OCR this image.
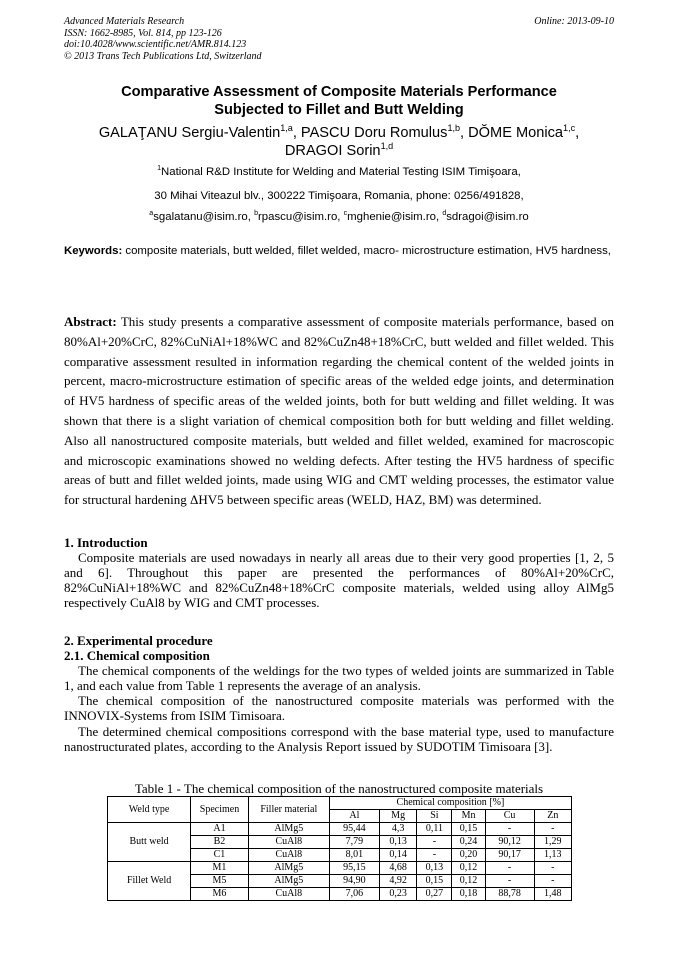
Advanced Materials Research
ISSN: 1662-8985, Vol. 814, pp 123-126
doi:10.4028/www.scientific.net/AMR.814.123
© 2013 Trans Tech Publications Ltd, Switzerland
Online: 2013-09-10
Comparative Assessment of Composite Materials Performance
Subjected to Fillet and Butt Welding
GALAŢANU Sergiu-Valentin$^{1,a}$, PASCU Doru Romulus$^{1,b}$, DŎME Monica$^{1,c}$,
DRAGOI Sorin$^{1,d}$
$^1$National R&D Institute for Welding and Material Testing ISIM Timişoara,
30 Mihai Viteazul blv., 300222 Timişoara, Romania, phone: 0256/491828,
$^a$sgalatanu@isim.ro, $^b$rpascu@isim.ro, $^c$mghenie@isim.ro, $^d$sdragoi@isim.ro
Keywords: composite materials, butt welded, fillet welded, macro- microstructure estimation, HV5 hardness,
Abstract: This study presents a comparative assessment of composite materials performance, based on 80%Al+20%CrC, 82%CuNiAl+18%WC and 82%CuZn48+18%CrC, butt welded and fillet welded. This comparative assessment resulted in information regarding the chemical content of the welded joints in percent, macro-microstructure estimation of specific areas of the welded edge joints, and determination of HV5 hardness of specific areas of the welded joints, both for butt welding and fillet welding. It was shown that there is a slight variation of chemical composition both for butt welding and fillet welding. Also all nanostructured composite materials, butt welded and fillet welded, examined for macroscopic and microscopic examinations showed no welding defects. After testing the HV5 hardness of specific areas of butt and fillet welded joints, made using WIG and CMT welding processes, the estimator value for structural hardening ΔHV5 between specific areas (WELD, HAZ, BM) was determined.
1. Introduction
Composite materials are used nowadays in nearly all areas due to their very good properties [1, 2, 5 and 6]. Throughout this paper are presented the performances of 80%Al+20%CrC, 82%CuNiAl+18%WC and 82%CuZn48+18%CrC composite materials, welded using alloy AlMg5 respectively CuAl8 by WIG and CMT processes.
2. Experimental procedure
2.1. Chemical composition
The chemical components of the weldings for the two types of welded joints are summarized in Table 1, and each value from Table 1 represents the average of an analysis.
The chemical composition of the nanostructured composite materials was performed with the INNOVIX-Systems from ISIM Timisoara.
The determined chemical compositions correspond with the base material type, used to manufacture nanostructurated plates, according to the Analysis Report issued by SUDOTIM Timisoara [3].
Table 1 - The chemical composition of the nanostructured composite materials
Weld type	Specimen	Filler material	Chemical composition [%]					
			Al	Mg	Si	Mn	Cu	Zn
Butt weld	A1	AlMg5	95,44	4,3	0,11	0,15	-	-
	B2	CuAl8	7,79	0,13	-	0,24	90,12	1,29
	C1	CuAl8	8,01	0,14	-	0,20	90,17	1,13
Fillet Weld	M1	AlMg5	95,15	4,68	0,13	0,12	-	-
	M5	AlMg5	94,90	4,92	0,15	0,12	-	-
	M6	CuAl8	7,06	0,23	0,27	0,18	88,78	1,48
